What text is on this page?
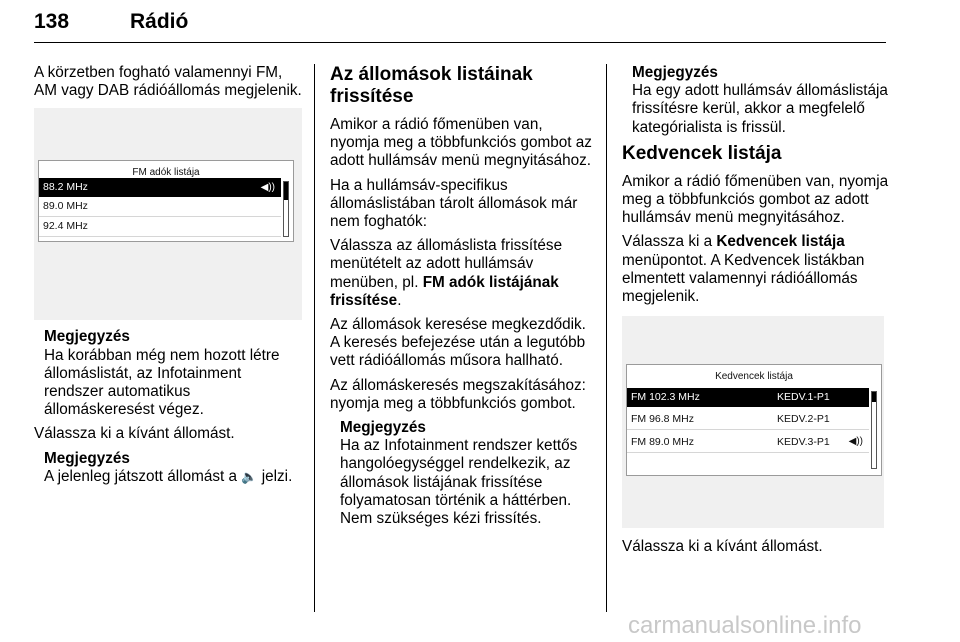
138	Rádió

A körzetben fogható valamennyi FM, AM vagy DAB rádióállomás megjelenik.

FM adók listája
88.2 MHz	◀))
89.0 MHz
92.4 MHz
Megjegyzés
Ha korábban még nem hozott létre állomáslistát, az Infotainment rendszer automatikus állomáskeresést végez.

Válassza ki a kívánt állomást.

Megjegyzés
A jelenleg játszott állomást a 🔈 jelzi.
Az állomások listáinak frissítése

Amikor a rádió főmenüben van, nyomja meg a többfunkciós gombot az adott hullámsáv menü megnyitásához.

Ha a hullámsáv-specifikus állomáslistában tárolt állomások már nem foghatók:

Válassza az állomáslista frissítése menütételt az adott hullámsáv menüben, pl. FM adók listájának frissítése.

Az állomások keresése megkezdődik. A keresés befejezése után a legutóbb vett rádióállomás műsora hallható.

Az állomáskeresés megszakításához: nyomja meg a többfunkciós gombot.

Megjegyzés
Ha az Infotainment rendszer kettős hangolóegységgel rendelkezik, az állomások listájának frissítése folyamatosan történik a háttérben. Nem szükséges kézi frissítés.
Megjegyzés
Ha egy adott hullámsáv állomáslistája frissítésre kerül, akkor a megfelelő kategórialista is frissül.
Kedvencek listája

Amikor a rádió főmenüben van, nyomja meg a többfunkciós gombot az adott hullámsáv menü megnyitásához.

Válassza ki a Kedvencek listája menüpontot. A Kedvencek listákban elmentett valamennyi rádióállomás megjelenik.

Kedvencek listája
FM 102.3 MHz	KEDV.1-P1
FM 96.8 MHz	KEDV.2-P1
FM 89.0 MHz	KEDV.3-P1 ◀))

Válassza ki a kívánt állomást.

carmanualsonline.info
